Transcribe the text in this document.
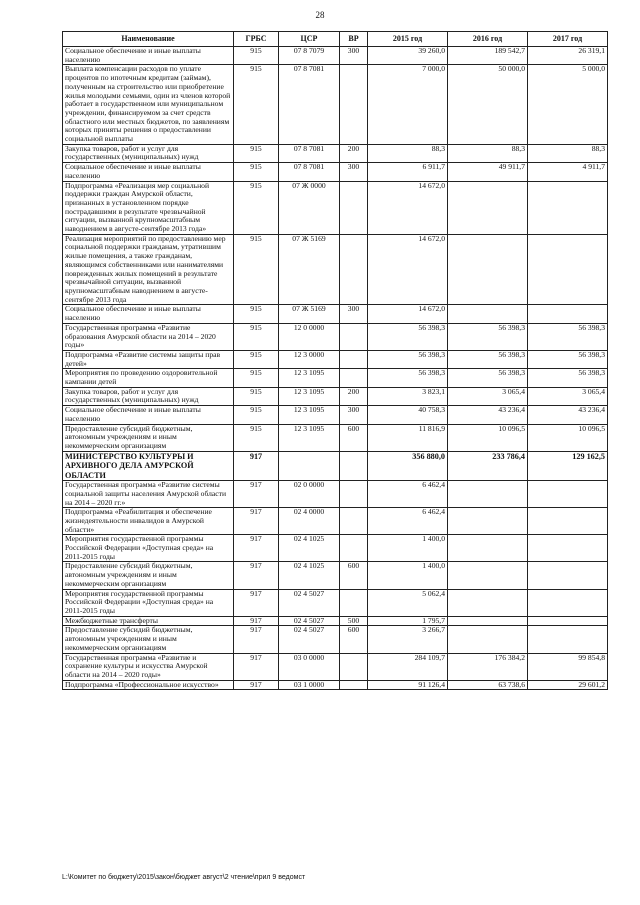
28
Наименование	ГРБС	ЦСР	ВР	2015 год	2016 год	2017 год
Социальное обеспечение и иные выплаты населению	915	07 8 7079	300	39 260,0	189 542,7	26 319,1
Выплата компенсации расходов по уплате процентов по ипотечным кредитам (займам), полученным на строительство или приобретение жилья молодыми семьями, один из членов которой работает в государственном или муниципальном учреждении, финансируемом за счет средств областного или местных бюджетов, по заявлениям которых приняты решения о предоставлении социальной выплаты	915	07 8 7081		7 000,0	50 000,0	5 000,0
Закупка товаров, работ и услуг для государственных (муниципальных) нужд	915	07 8 7081	200	88,3	88,3	88,3
Социальное обеспечение и иные выплаты населению	915	07 8 7081	300	6 911,7	49 911,7	4 911,7
Подпрограмма «Реализация мер социальной поддержки граждан Амурской области, признанных в установленном порядке пострадавшими в результате чрезвычайной ситуации, вызванной крупномасштабным наводнением в августе-сентябре 2013 года»	915	07 Ж 0000		14 672,0		
Реализация мероприятий по предоставлению мер социальной поддержки гражданам, утратившим жилые помещения, а также гражданам, являющимся собственниками или нанимателями поврежденных жилых помещений в результате чрезвычайной ситуации, вызванной крупномасштабным наводнением в августе-сентябре 2013 года	915	07 Ж 5169		14 672,0		
Социальное обеспечение и иные выплаты населению	915	07 Ж 5169	300	14 672,0		
Государственная программа «Развитие образования Амурской области на 2014 – 2020 годы»	915	12 0 0000		56 398,3	56 398,3	56 398,3
Подпрограмма «Развитие системы защиты прав детей»	915	12 3 0000		56 398,3	56 398,3	56 398,3
Мероприятия по проведению оздоровительной кампании детей	915	12 3 1095		56 398,3	56 398,3	56 398,3
Закупка товаров, работ и услуг для государственных (муниципальных) нужд	915	12 3 1095	200	3 823,1	3 065,4	3 065,4
Социальное обеспечение и иные выплаты населению	915	12 3 1095	300	40 758,3	43 236,4	43 236,4
Предоставление субсидий бюджетным, автономным учреждениям и иным некоммерческим организациям	915	12 3 1095	600	11 816,9	10 096,5	10 096,5
МИНИСТЕРСТВО КУЛЬТУРЫ И АРХИВНОГО ДЕЛА АМУРСКОЙ ОБЛАСТИ	917			356 880,0	233 786,4	129 162,5
Государственная программа «Развитие системы социальной защиты населения Амурской области на 2014 – 2020 гг.»	917	02 0 0000		6 462,4		
Подпрограмма «Реабилитация и обеспечение жизнедеятельности инвалидов в Амурской области»	917	02 4 0000		6 462,4		
Мероприятия государственной программы Российской Федерации «Доступная среда» на 2011-2015 годы	917	02 4 1025		1 400,0		
Предоставление субсидий бюджетным, автономным учреждениям и иным некоммерческим организациям	917	02 4 1025	600	1 400,0		
Мероприятия государственной программы Российской Федерации «Доступная среда» на 2011-2015 годы	917	02 4 5027		5 062,4		
Межбюджетные трансферты	917	02 4 5027	500	1 795,7		
Предоставление субсидий бюджетным, автономным учреждениям и иным некоммерческим организациям	917	02 4 5027	600	3 266,7		
Государственная программа «Развитие и сохранение культуры и искусства Амурской области на 2014 – 2020 годы»	917	03 0 0000		284 109,7	176 384,2	99 854,8
Подпрограмма «Профессиональное искусство»	917	03 1 0000		91 126,4	63 738,6	29 601,2
L:\Комитет по бюджету\2015\закон\бюджет август\2 чтение\прил 9 ведомст
